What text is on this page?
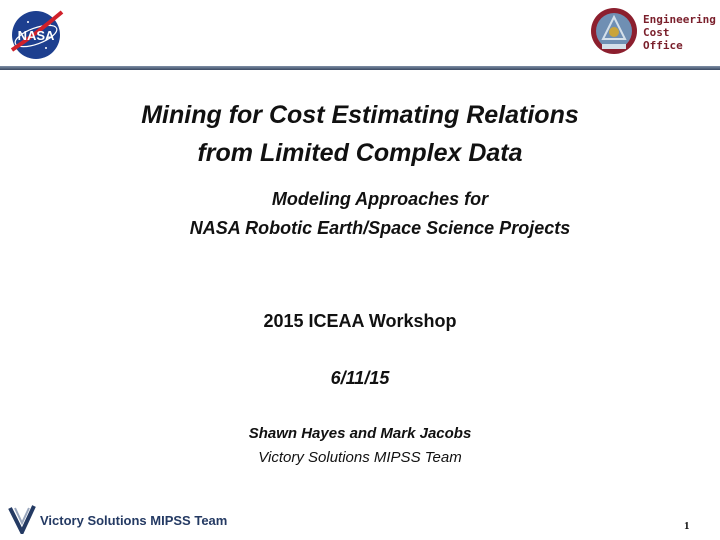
NASA
Engineering
Cost
Office
Mining for Cost Estimating Relations
from Limited Complex Data
Modeling Approaches for
NASA Robotic Earth/Space Science Projects
2015 ICEAA Workshop
6/11/15
Shawn Hayes and Mark Jacobs
Victory Solutions MIPSS Team
Victory Solutions MIPSS Team	1
